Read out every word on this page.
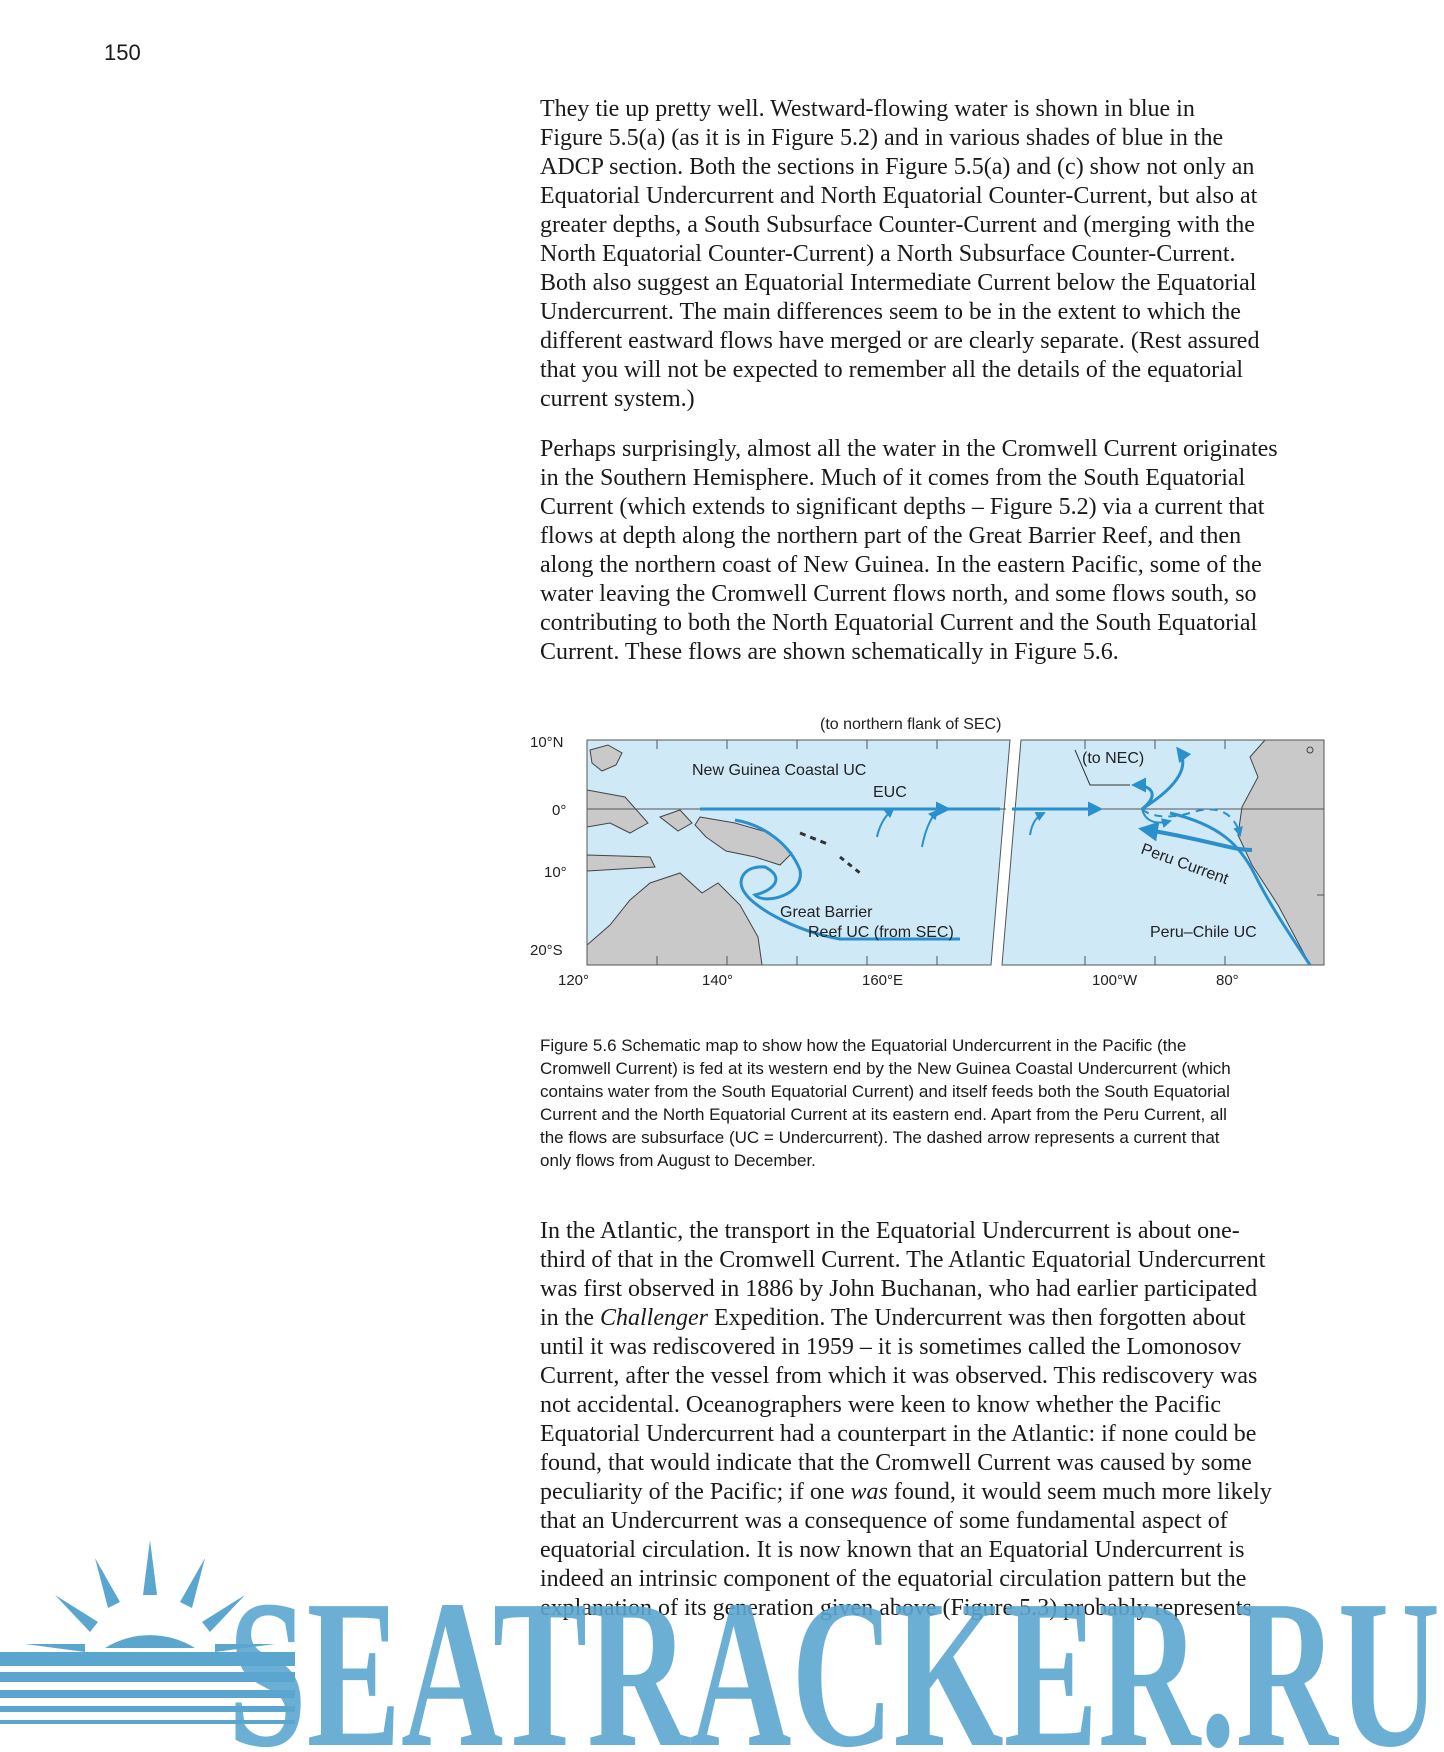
150
They tie up pretty well. Westward-flowing water is shown in blue in
Figure 5.5(a) (as it is in Figure 5.2) and in various shades of blue in the
ADCP section. Both the sections in Figure 5.5(a) and (c) show not only an
Equatorial Undercurrent and North Equatorial Counter-Current, but also at
greater depths, a South Subsurface Counter-Current and (merging with the
North Equatorial Counter-Current) a North Subsurface Counter-Current.
Both also suggest an Equatorial Intermediate Current below the Equatorial
Undercurrent. The main differences seem to be in the extent to which the
different eastward flows have merged or are clearly separate. (Rest assured
that you will not be expected to remember all the details of the equatorial
current system.)
Perhaps surprisingly, almost all the water in the Cromwell Current originates
in the Southern Hemisphere. Much of it comes from the South Equatorial
Current (which extends to significant depths – Figure 5.2) via a current that
flows at depth along the northern part of the Great Barrier Reef, and then
along the northern coast of New Guinea. In the eastern Pacific, some of the
water leaving the Cromwell Current flows north, and some flows south, so
contributing to both the North Equatorial Current and the South Equatorial
Current. These flows are shown schematically in Figure 5.6.
(to northern flank of SEC)
10°N
0°
10°
20°S
120°	140°	160°E	100°W	80°
New Guinea Coastal UC
EUC
(to NEC)
Great Barrier
Reef UC (from SEC)
Peru Current
Peru–Chile UC
Figure 5.6 Schematic map to show how the Equatorial Undercurrent in the Pacific (the
Cromwell Current) is fed at its western end by the New Guinea Coastal Undercurrent (which
contains water from the South Equatorial Current) and itself feeds both the South Equatorial
Current and the North Equatorial Current at its eastern end. Apart from the Peru Current, all
the flows are subsurface (UC = Undercurrent). The dashed arrow represents a current that
only flows from August to December.
In the Atlantic, the transport in the Equatorial Undercurrent is about one-
third of that in the Cromwell Current. The Atlantic Equatorial Undercurrent
was first observed in 1886 by John Buchanan, who had earlier participated
in the Challenger Expedition. The Undercurrent was then forgotten about
until it was rediscovered in 1959 – it is sometimes called the Lomonosov
Current, after the vessel from which it was observed. This rediscovery was
not accidental. Oceanographers were keen to know whether the Pacific
Equatorial Undercurrent had a counterpart in the Atlantic: if none could be
found, that would indicate that the Cromwell Current was caused by some
peculiarity of the Pacific; if one was found, it would seem much more likely
that an Undercurrent was a consequence of some fundamental aspect of
equatorial circulation. It is now known that an Equatorial Undercurrent is
indeed an intrinsic component of the equatorial circulation pattern but the
explanation of its generation given above (Figure 5.3) probably represents
SEATRACKER.RU
